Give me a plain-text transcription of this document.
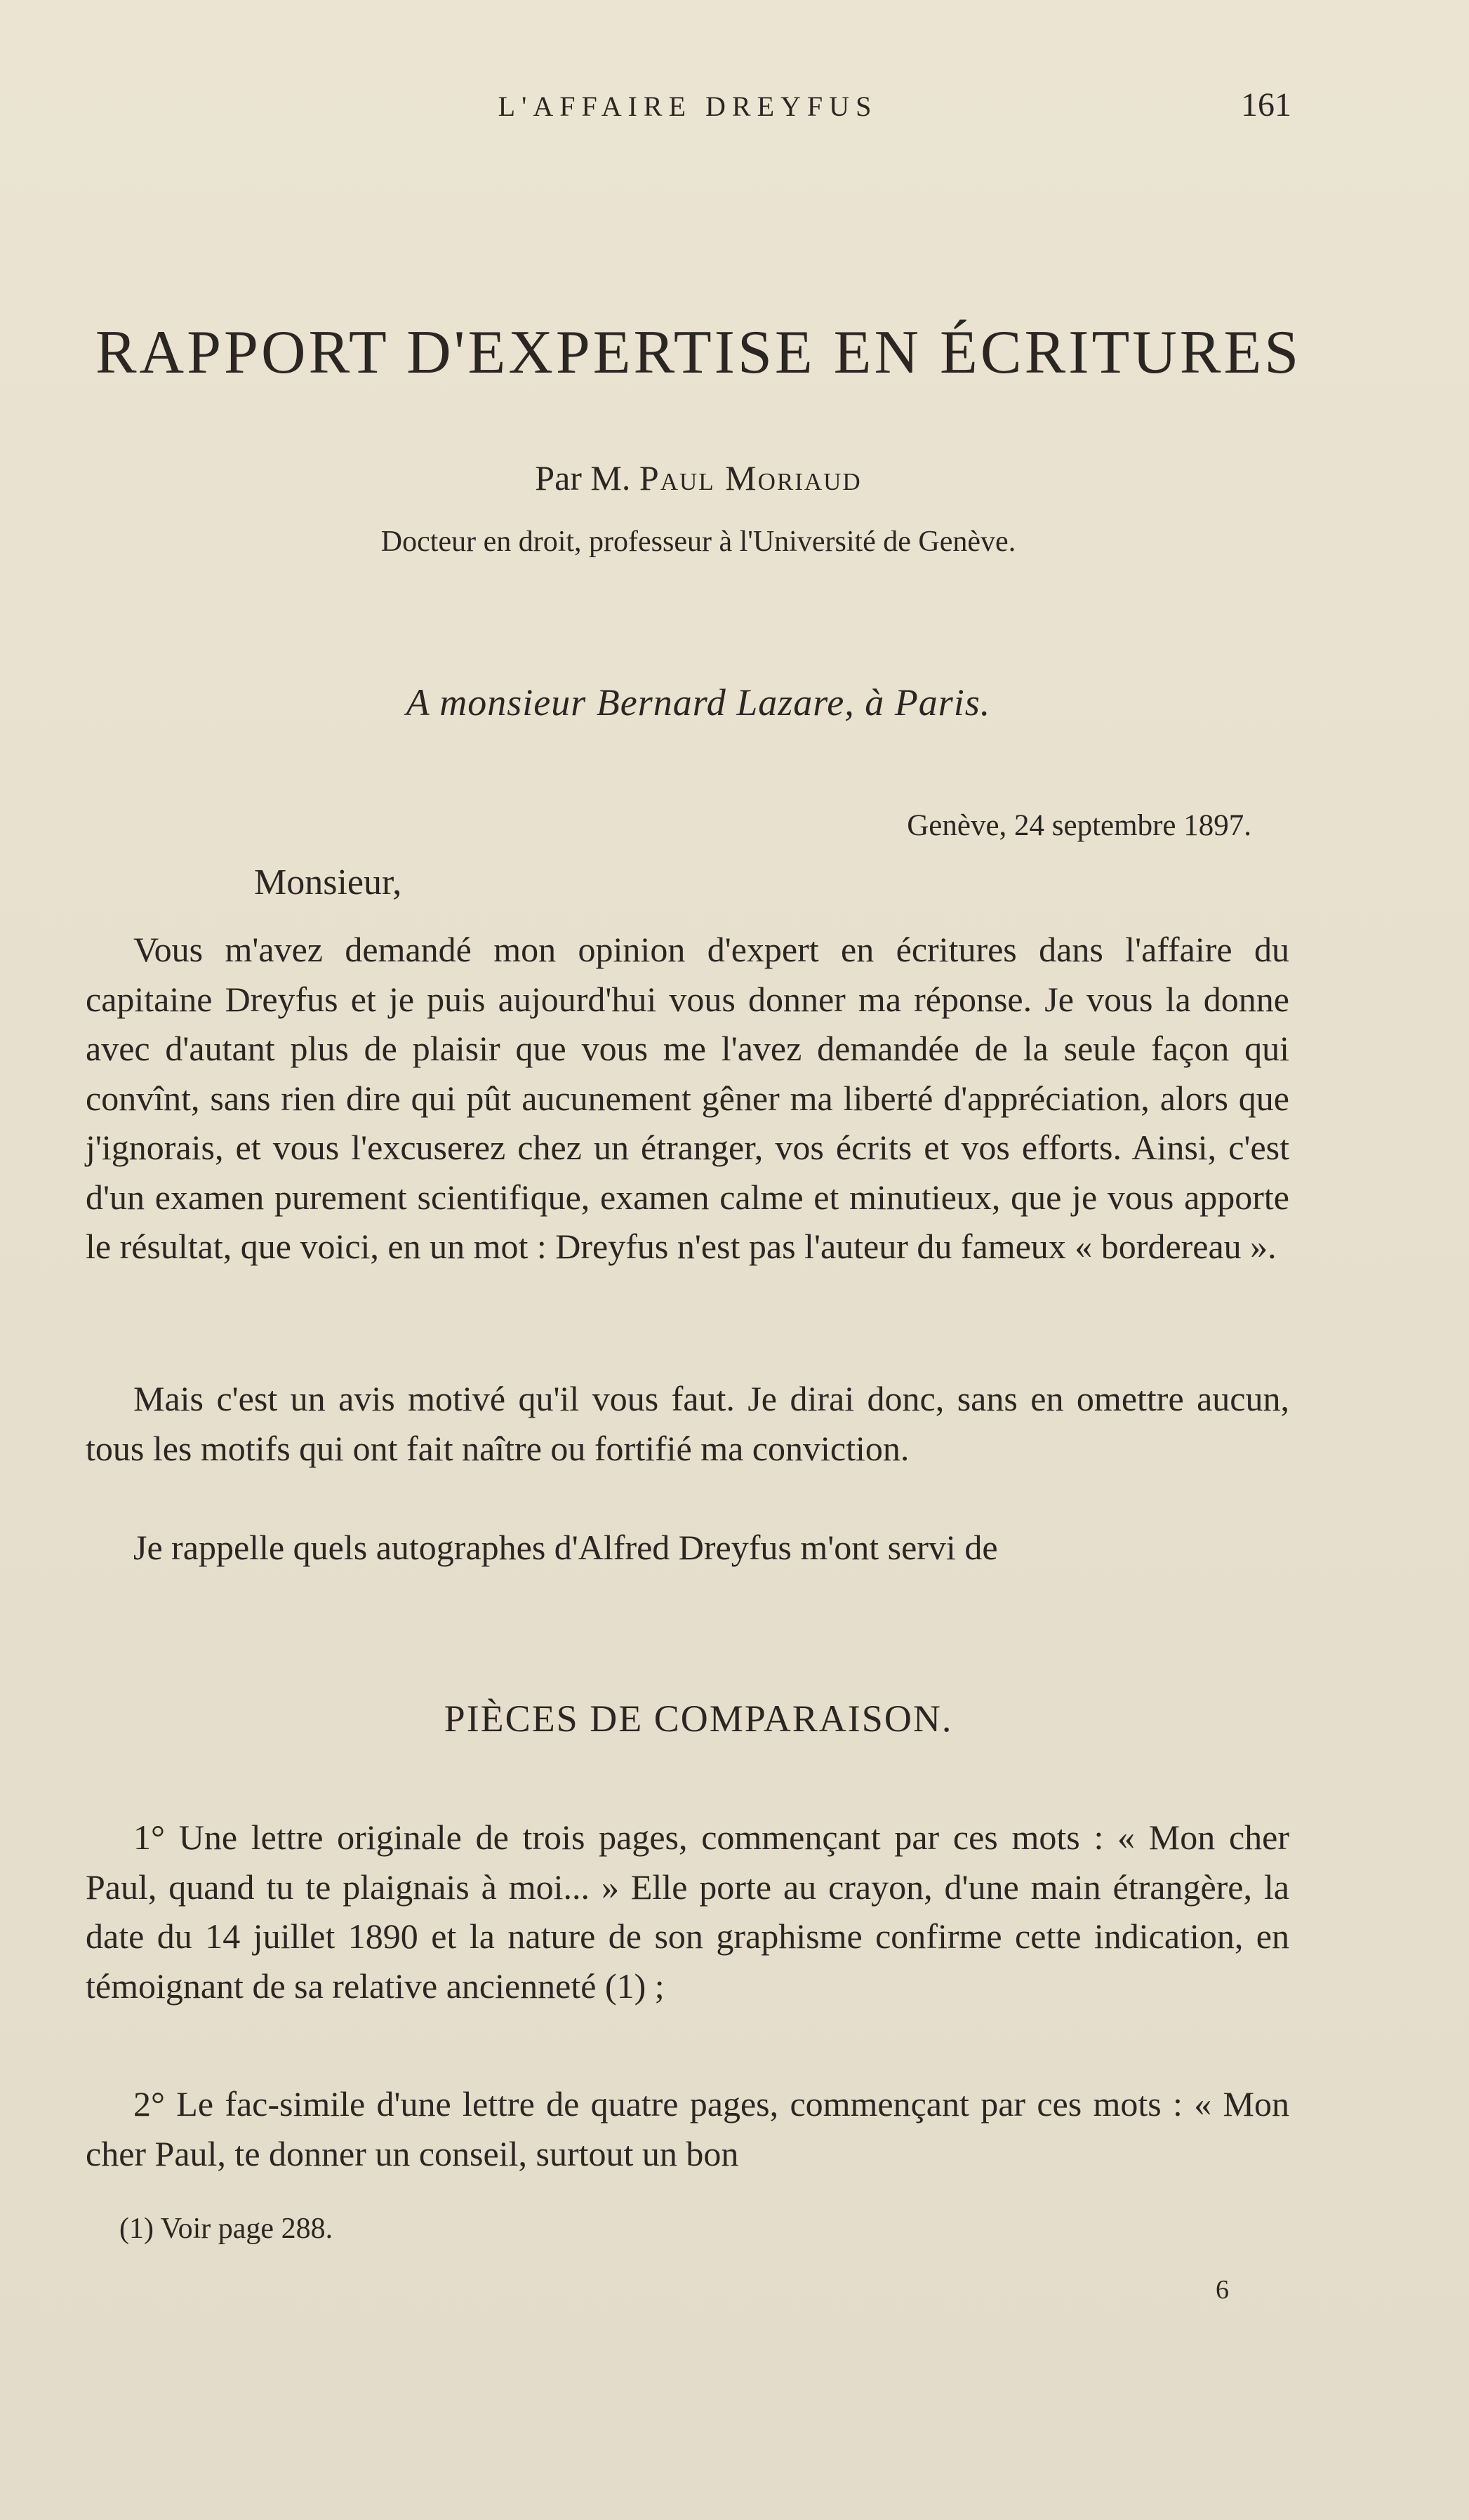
L'AFFAIRE DREYFUS	161
RAPPORT D'EXPERTISE EN ÉCRITURES
Par M. Paul Moriaud
Docteur en droit, professeur à l'Université de Genève.
A monsieur Bernard Lazare, à Paris.
Genève, 24 septembre 1897.
Monsieur,

Vous m'avez demandé mon opinion d'expert en écritures dans l'affaire du capitaine Dreyfus et je puis aujourd'hui vous donner ma réponse. Je vous la donne avec d'autant plus de plaisir que vous me l'avez demandée de la seule façon qui convînt, sans rien dire qui pût aucunement gêner ma liberté d'appréciation, alors que j'ignorais, et vous l'excuserez chez un étranger, vos écrits et vos efforts. Ainsi, c'est d'un examen purement scientifique, examen calme et minutieux, que je vous apporte le résultat, que voici, en un mot : Dreyfus n'est pas l'auteur du fameux « bordereau ».

Mais c'est un avis motivé qu'il vous faut. Je dirai donc, sans en omettre aucun, tous les motifs qui ont fait naître ou fortifié ma conviction.

Je rappelle quels autographes d'Alfred Dreyfus m'ont servi de

PIÈCES DE COMPARAISON.

1° Une lettre originale de trois pages, commençant par ces mots : « Mon cher Paul, quand tu te plaignais à moi... » Elle porte au crayon, d'une main étrangère, la date du 14 juillet 1890 et la nature de son graphisme confirme cette indication, en témoignant de sa relative ancienneté (1) ;

2° Le fac-simile d'une lettre de quatre pages, commençant par ces mots : « Mon cher Paul, te donner un conseil, surtout un bon

(1) Voir page 288.
6
